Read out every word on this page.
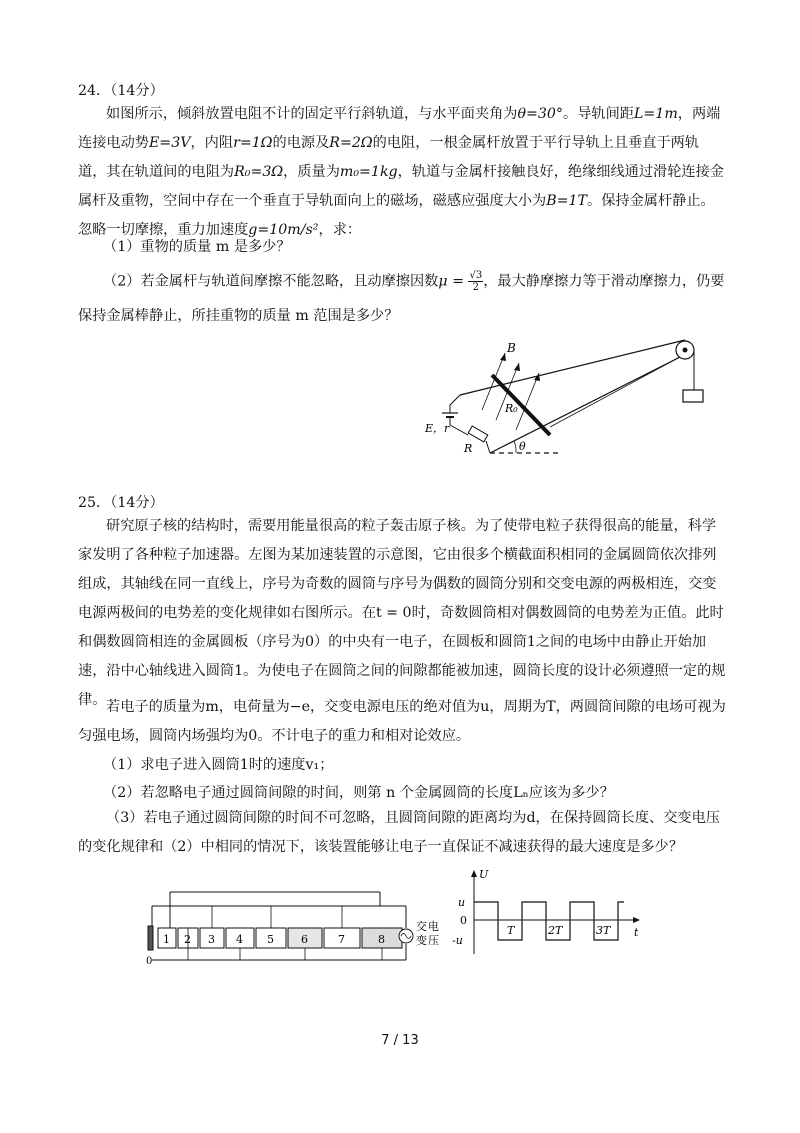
24．（14分）

如图所示，倾斜放置电阻不计的固定平行斜轨道，与水平面夹角为θ=30°。导轨间距L=1m，两端连接电动势E=3V，内阻r=1Ω的电源及R=2Ω的电阻，一根金属杆放置于平行导轨上且垂直于两轨道，其在轨道间的电阻为R₀=3Ω，质量为m₀=1kg，轨道与金属杆接触良好，绝缘细线通过滑轮连接金属杆及重物，空间中存在一个垂直于导轨面向上的磁场，磁感应强度大小为B=1T。保持金属杆静止。忽略一切摩擦，重力加速度g=10m/s²，求：

（1）重物的质量 m 是多少？
（2）若金属杆与轨道间摩擦不能忽略，且动摩擦因数$\mu = \frac{√3}{2}$ ，最大静摩擦力等于滑动摩擦力，仍要
保持金属棒静止，所挂重物的质量 m 范围是多少？
B
R₀
E，r
R	θ
25．（14分）

研究原子核的结构时，需要用能量很高的粒子轰击原子核。为了使带电粒子获得很高的能量，科学家发明了各种粒子加速器。左图为某加速装置的示意图，它由很多个横截面积相同的金属圆筒依次排列组成，其轴线在同一直线上，序号为奇数的圆筒与序号为偶数的圆筒分别和交变电源的两极相连，交变电源两极间的电势差的变化规律如右图所示。在t = 0时，奇数圆筒相对偶数圆筒的电势差为正值。此时和偶数圆筒相连的金属圆板（序号为0）的中央有一电子，在圆板和圆筒1之间的电场中由静止开始加速，沿中心轴线进入圆筒1。为使电子在圆筒之间的间隙都能被加速，圆筒长度的设计必须遵照一定的规律。 若电子的质量为m，电荷量为−e，交变电源电压的绝对值为u，周期为T，两圆筒间隙的电场可视为匀强电场，圆筒内场强均为0。不计电子的重力和相对论效应。

（1）求电子进入圆筒1时的速度v₁；
（2）若忽略电子通过圆筒间隙的时间，则第 n 个金属圆筒的长度Lₙ应该为多少？

（3）若电子通过圆筒间隙的时间不可忽略，且圆筒间隙的距离均为d，在保持圆筒长度、交变电压的变化规律和（2）中相同的情况下，该装置能够让电子一直保证不减速获得的最大速度是多少？

0
1 2 3 4 5 6	7	8
交
变
电
压
U
t
u
0
-u
T	2T	3T
7 / 13
